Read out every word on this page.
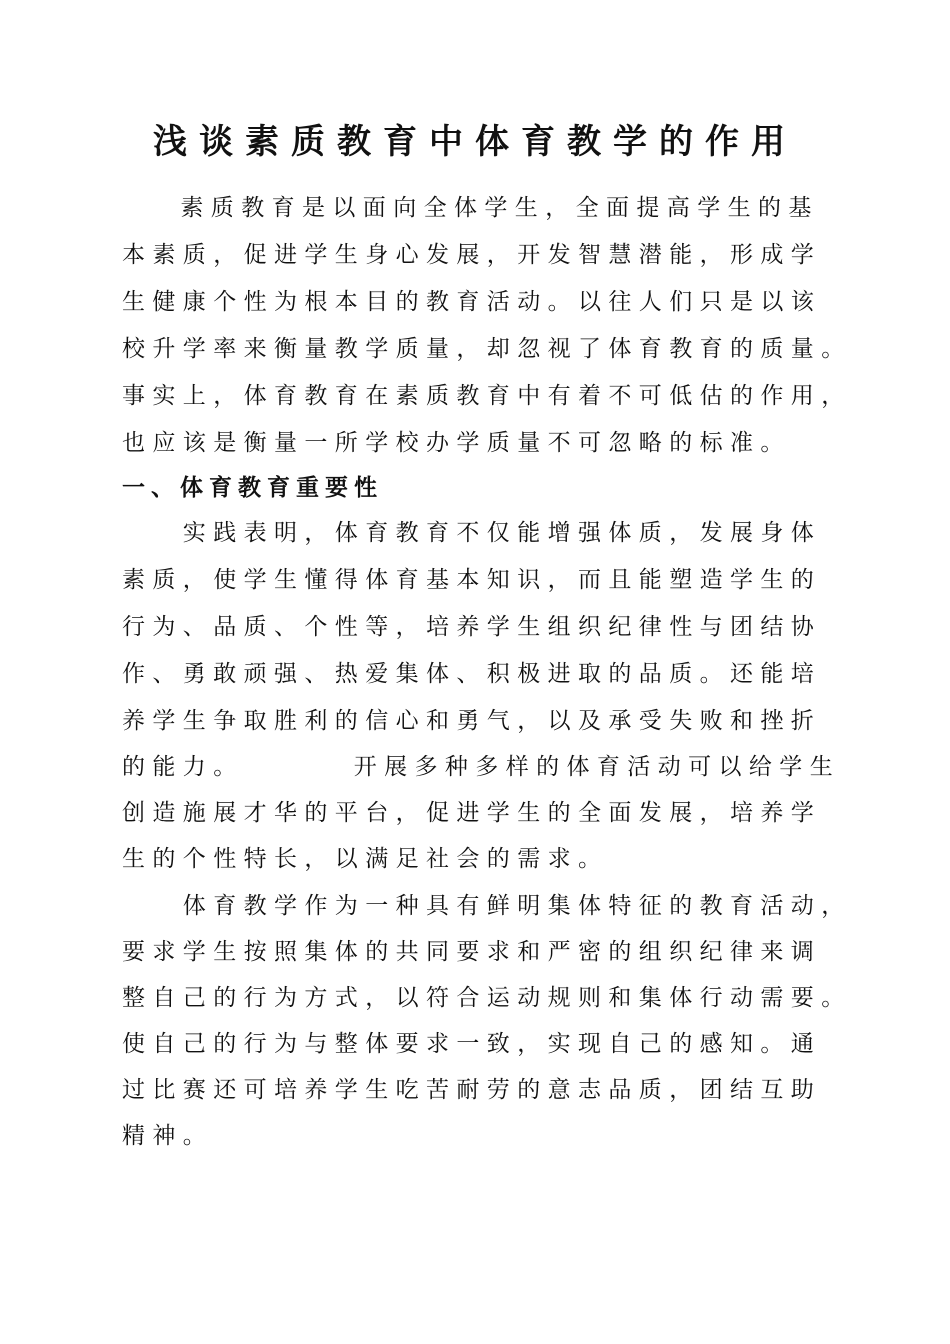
浅谈素质教育中体育教学的作用
　素质教育是以面向全体学生，全面提高学生的基
本素质，促进学生身心发展，开发智慧潜能，形成学
生健康个性为根本目的教育活动。以往人们只是以该
校升学率来衡量教学质量，却忽视了体育教育的质量。
事实上，体育教育在素质教育中有着不可低估的作用，
也应该是衡量一所学校办学质量不可忽略的标准。
一、体育教育重要性
　　实践表明，体育教育不仅能增强体质，发展身体
素质，使学生懂得体育基本知识，而且能塑造学生的
行为、品质、个性等，培养学生组织纪律性与团结协
作、勇敢顽强、热爱集体、积极进取的品质。还能培
养学生争取胜利的信心和勇气，以及承受失败和挫折
的能力。　　　　开展多种多样的体育活动可以给学生
创造施展才华的平台，促进学生的全面发展，培养学
生的个性特长，以满足社会的需求。
　　体育教学作为一种具有鲜明集体特征的教育活动，
要求学生按照集体的共同要求和严密的组织纪律来调
整自己的行为方式，以符合运动规则和集体行动需要。
使自己的行为与整体要求一致，实现自己的感知。通
过比赛还可培养学生吃苦耐劳的意志品质，团结互助
精神。
